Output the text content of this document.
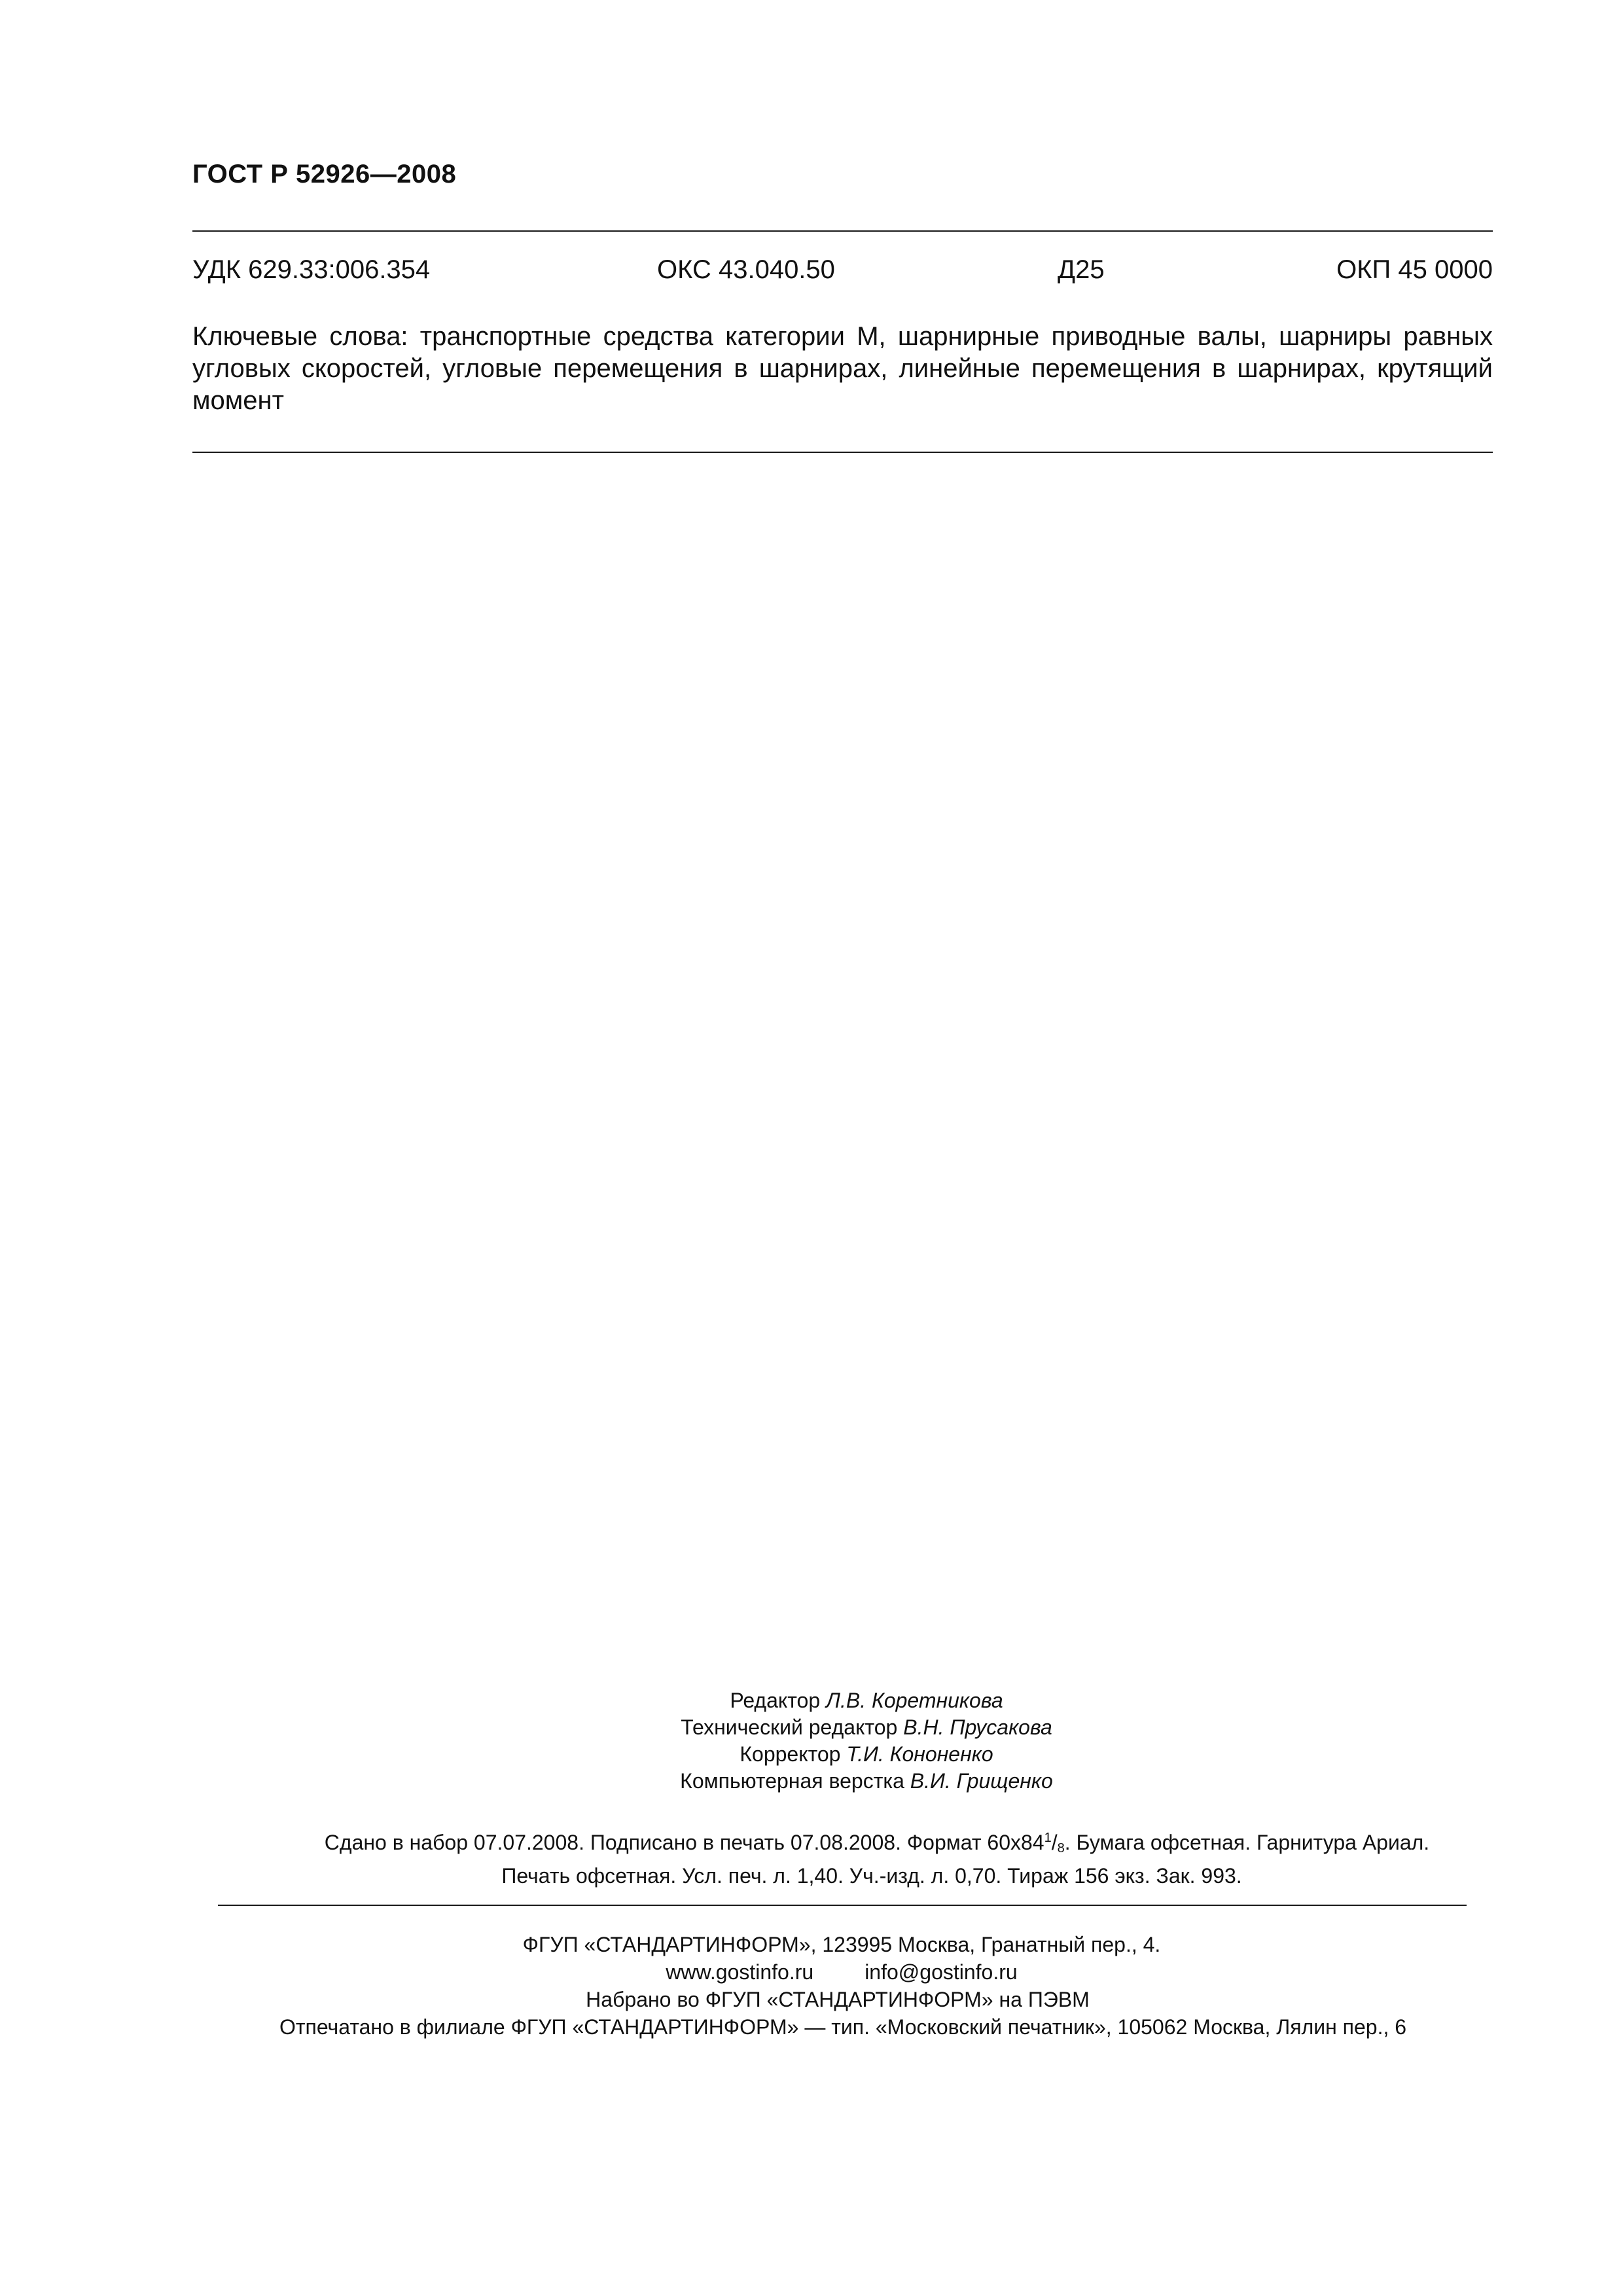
ГОСТ Р 52926—2008
УДК 629.33:006.354	ОКС 43.040.50	Д25	ОКП 45 0000
Ключевые слова: транспортные средства категории М, шарнирные приводные валы, шарниры равных угловых скоростей, угловые перемещения в шарнирах, линейные перемещения в шарнирах, крутящий момент
Редактор Л.В. Коретникова
Технический редактор В.Н. Прусакова
Корректор Т.И. Кононенко
Компьютерная верстка В.И. Грищенко
Сдано в набор 07.07.2008. Подписано в печать 07.08.2008. Формат $60х84^1/_8$. Бумага офсетная. Гарнитура Ариал.
Печать офсетная. Усл. печ. л. 1,40. Уч.-изд. л. 0,70. Тираж 156 экз. Зак. 993.
ФГУП «СТАНДАРТИНФОРМ», 123995 Москва, Гранатный пер., 4.
www.gostinfo.ru info@gostinfo.ru
Набрано во ФГУП «СТАНДАРТИНФОРМ» на ПЭВМ
Отпечатано в филиале ФГУП «СТАНДАРТИНФОРМ» — тип. «Московский печатник», 105062 Москва, Лялин пер., 6
